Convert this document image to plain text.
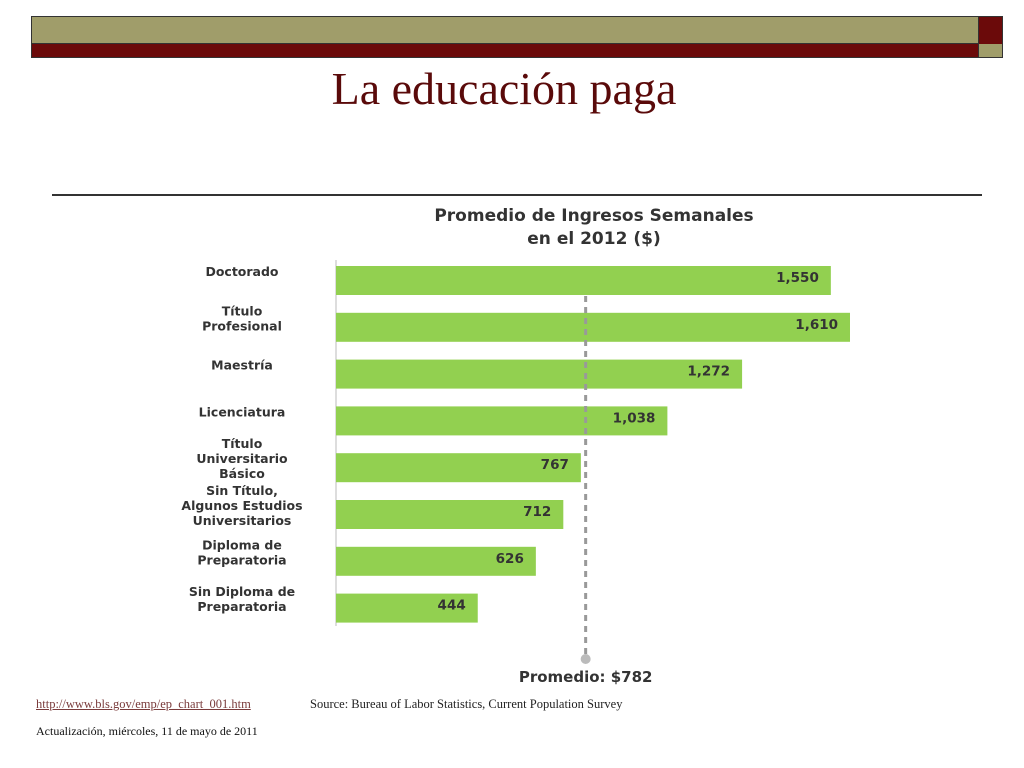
La educación paga
Promedio de Ingresos Semanales
en el 2012 ($)
1,550
Doctorado
1,610
Título
Profesional
1,272
Maestría
1,038
Licenciatura
767
Título
Universitario
Básico
712
Sin Título,
Algunos Estudios
Universitarios
626
Diploma de
Preparatoria
444
Sin Diploma de
Preparatoria
Promedio: $782
http://www.bls.gov/emp/ep_chart_001.htm	Source: Bureau of Labor Statistics, Current Population Survey
Actualización, miércoles, 11 de mayo de 2011
